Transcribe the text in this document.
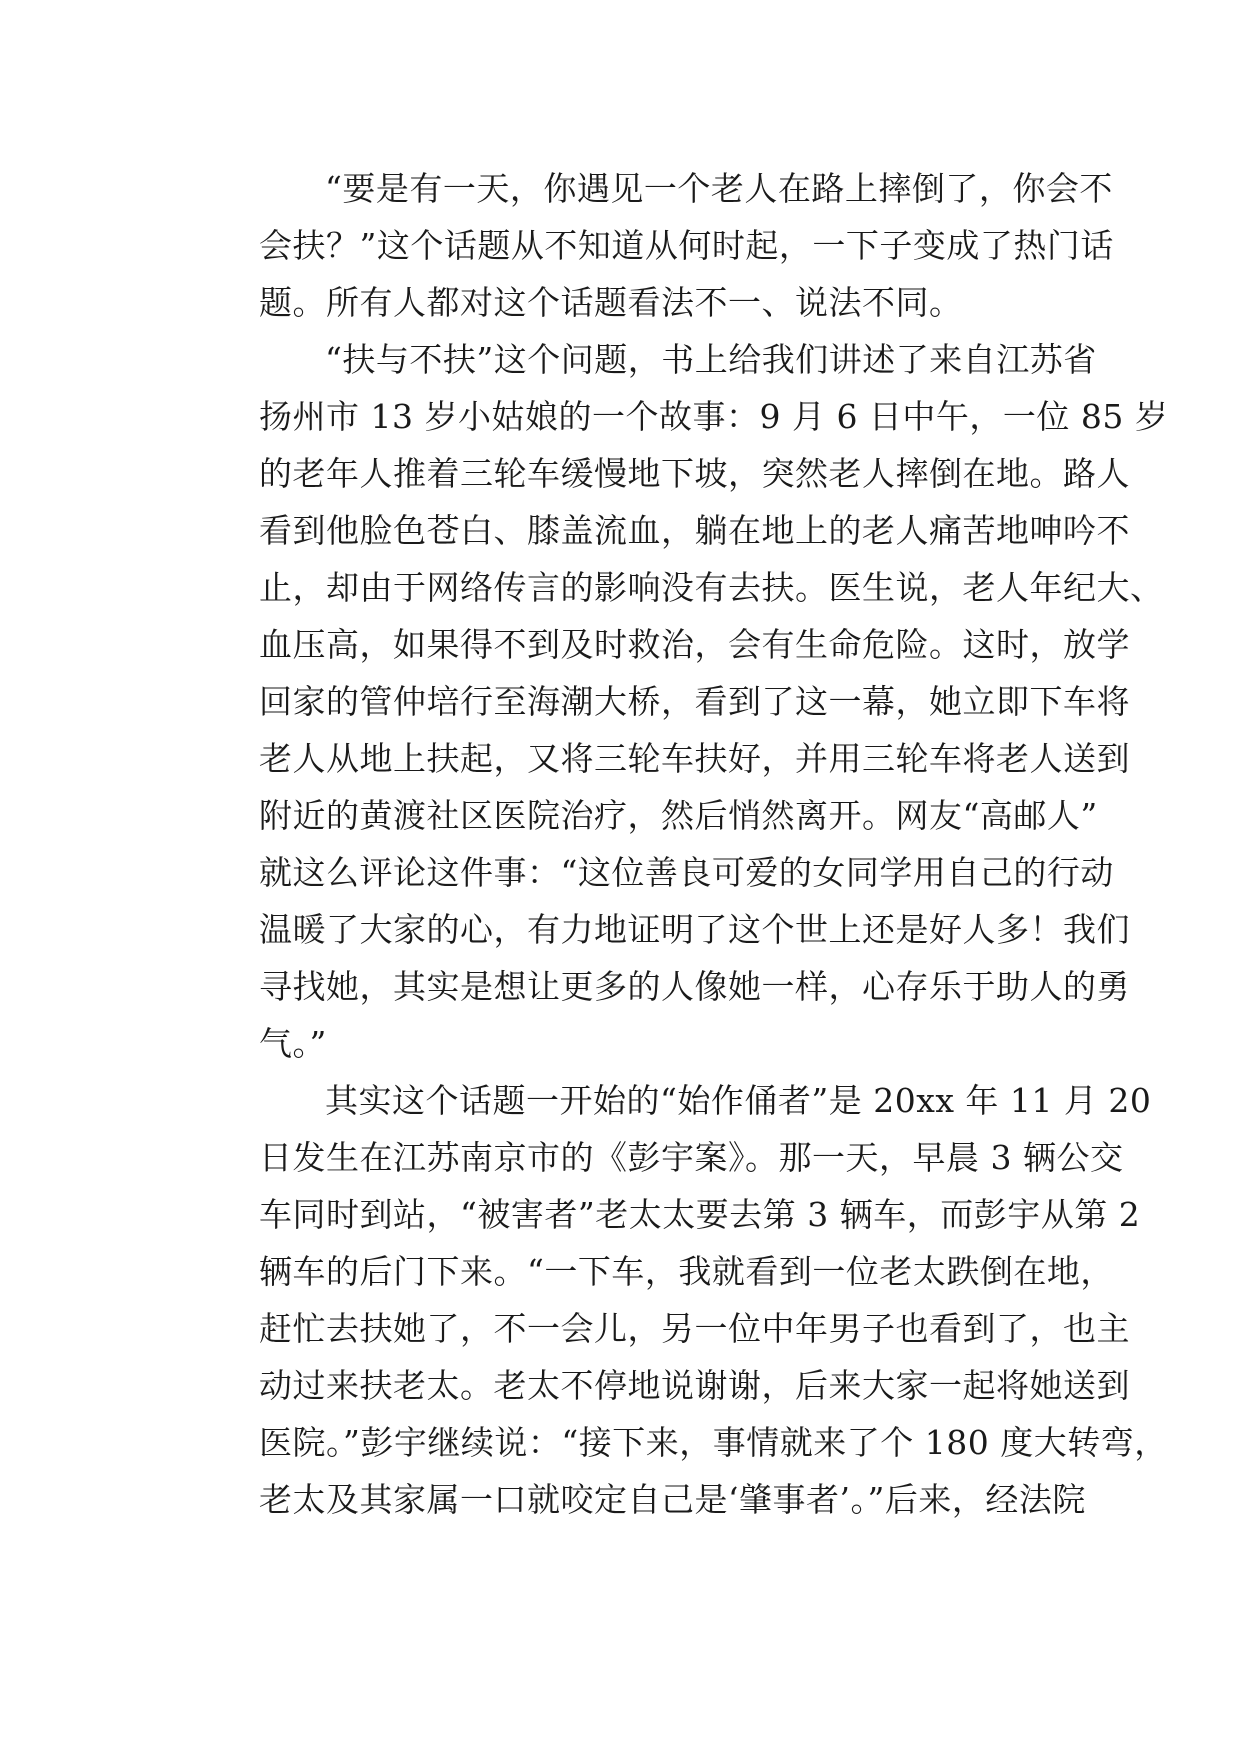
“要是有一天，你遇见一个老人在路上摔倒了，你会不
会扶？”这个话题从不知道从何时起，一下子变成了热门话
题。所有人都对这个话题看法不一、说法不同。
“扶与不扶”这个问题，书上给我们讲述了来自江苏省
扬州市 13 岁小姑娘的一个故事：9 月 6 日中午，一位 85 岁
的老年人推着三轮车缓慢地下坡，突然老人摔倒在地。路人
看到他脸色苍白、膝盖流血，躺在地上的老人痛苦地呻吟不
止，却由于网络传言的影响没有去扶。医生说，老人年纪大、
血压高，如果得不到及时救治，会有生命危险。这时，放学
回家的管仲培行至海潮大桥，看到了这一幕，她立即下车将
老人从地上扶起，又将三轮车扶好，并用三轮车将老人送到
附近的黄渡社区医院治疗，然后悄然离开。网友“高邮人”
就这么评论这件事：“这位善良可爱的女同学用自己的行动
温暖了大家的心，有力地证明了这个世上还是好人多！我们
寻找她，其实是想让更多的人像她一样，心存乐于助人的勇
气。”
其实这个话题一开始的“始作俑者”是 20xx 年 11 月 20
日发生在江苏南京市的《彭宇案》。那一天，早晨 3 辆公交
车同时到站，“被害者”老太太要去第 3 辆车，而彭宇从第 2
辆车的后门下来。“一下车，我就看到一位老太跌倒在地，
赶忙去扶她了，不一会儿，另一位中年男子也看到了，也主
动过来扶老太。老太不停地说谢谢，后来大家一起将她送到
医院。”彭宇继续说：“接下来，事情就来了个 180 度大转弯，
老太及其家属一口就咬定自己是‘肇事者’。”后来，经法院
